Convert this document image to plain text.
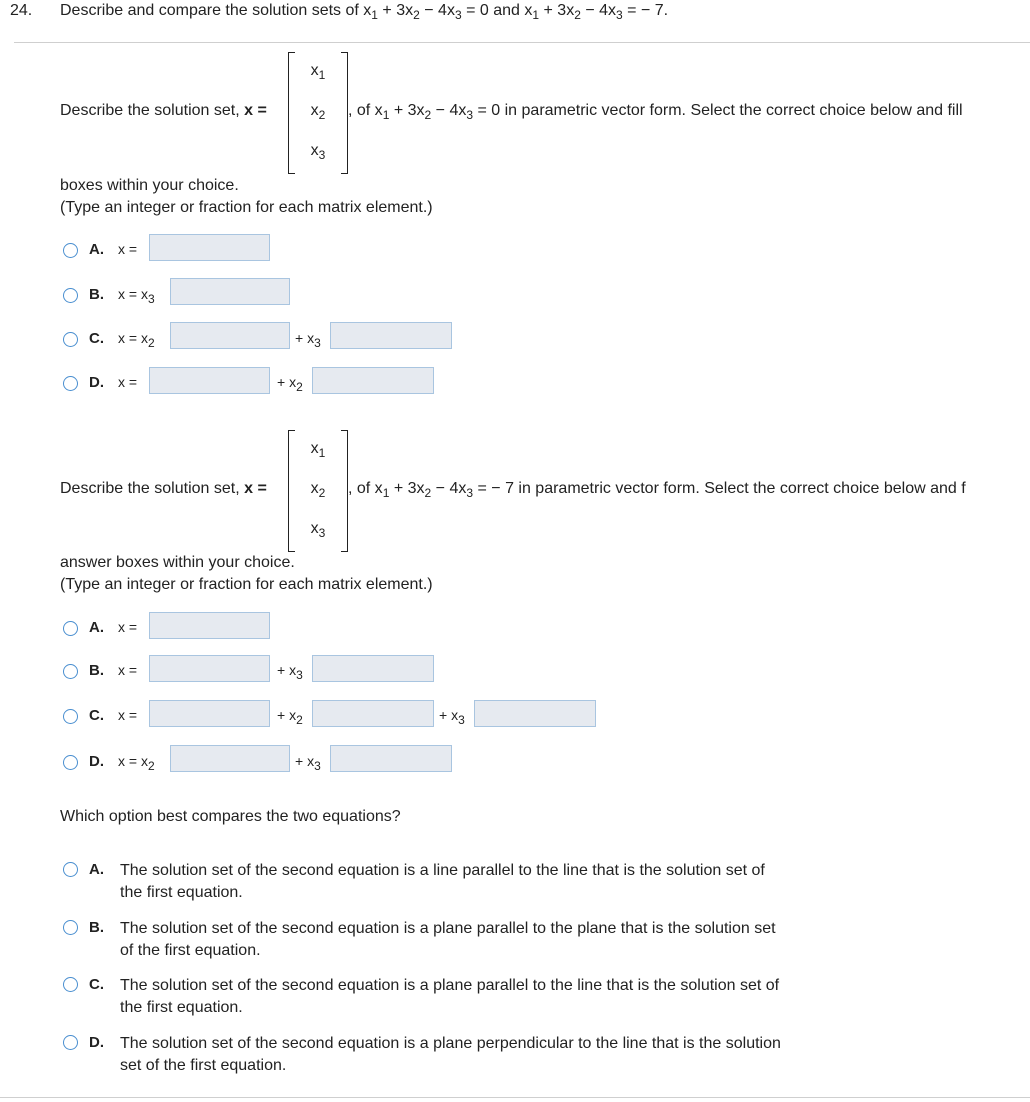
24. Describe and compare the solution sets of $x_1 + 3x_2 - 4x_3 = 0$ and $x_1 + 3x_2 - 4x_3$ = − 7.
Describe the solution set, x =
$x_1$
$x_2$
$x_3$
, of $x_1 + 3x_2 - 4x_3 = 0$ in parametric vector form. Select the correct choice below and fill
boxes within your choice.
(Type an integer or fraction for each matrix element.)
A. x =
B. $x = x_3$
C. $x = x_2$	+ $x_3$
D. x =	+ $x_2$
Describe the solution set, x =
$x_1$
$x_2$
$x_3$
, of $x_1 + 3x_2 - 4x_3$ = − 7 in parametric vector form. Select the correct choice below and f
answer boxes within your choice.
(Type an integer or fraction for each matrix element.)
A. x =
B. x =	+ $x_3$
C. x =	+ $x_2$	+ $x_3$
D. $x = x_2$	+ $x_3$
Which option best compares the two equations?
A. The solution set of the second equation is a line parallel to the line that is the solution set of
the first equation.
B. The solution set of the second equation is a plane parallel to the plane that is the solution set
of the first equation.
C. The solution set of the second equation is a plane parallel to the line that is the solution set of
the first equation.
D. The solution set of the second equation is a plane perpendicular to the line that is the solution
set of the first equation.
